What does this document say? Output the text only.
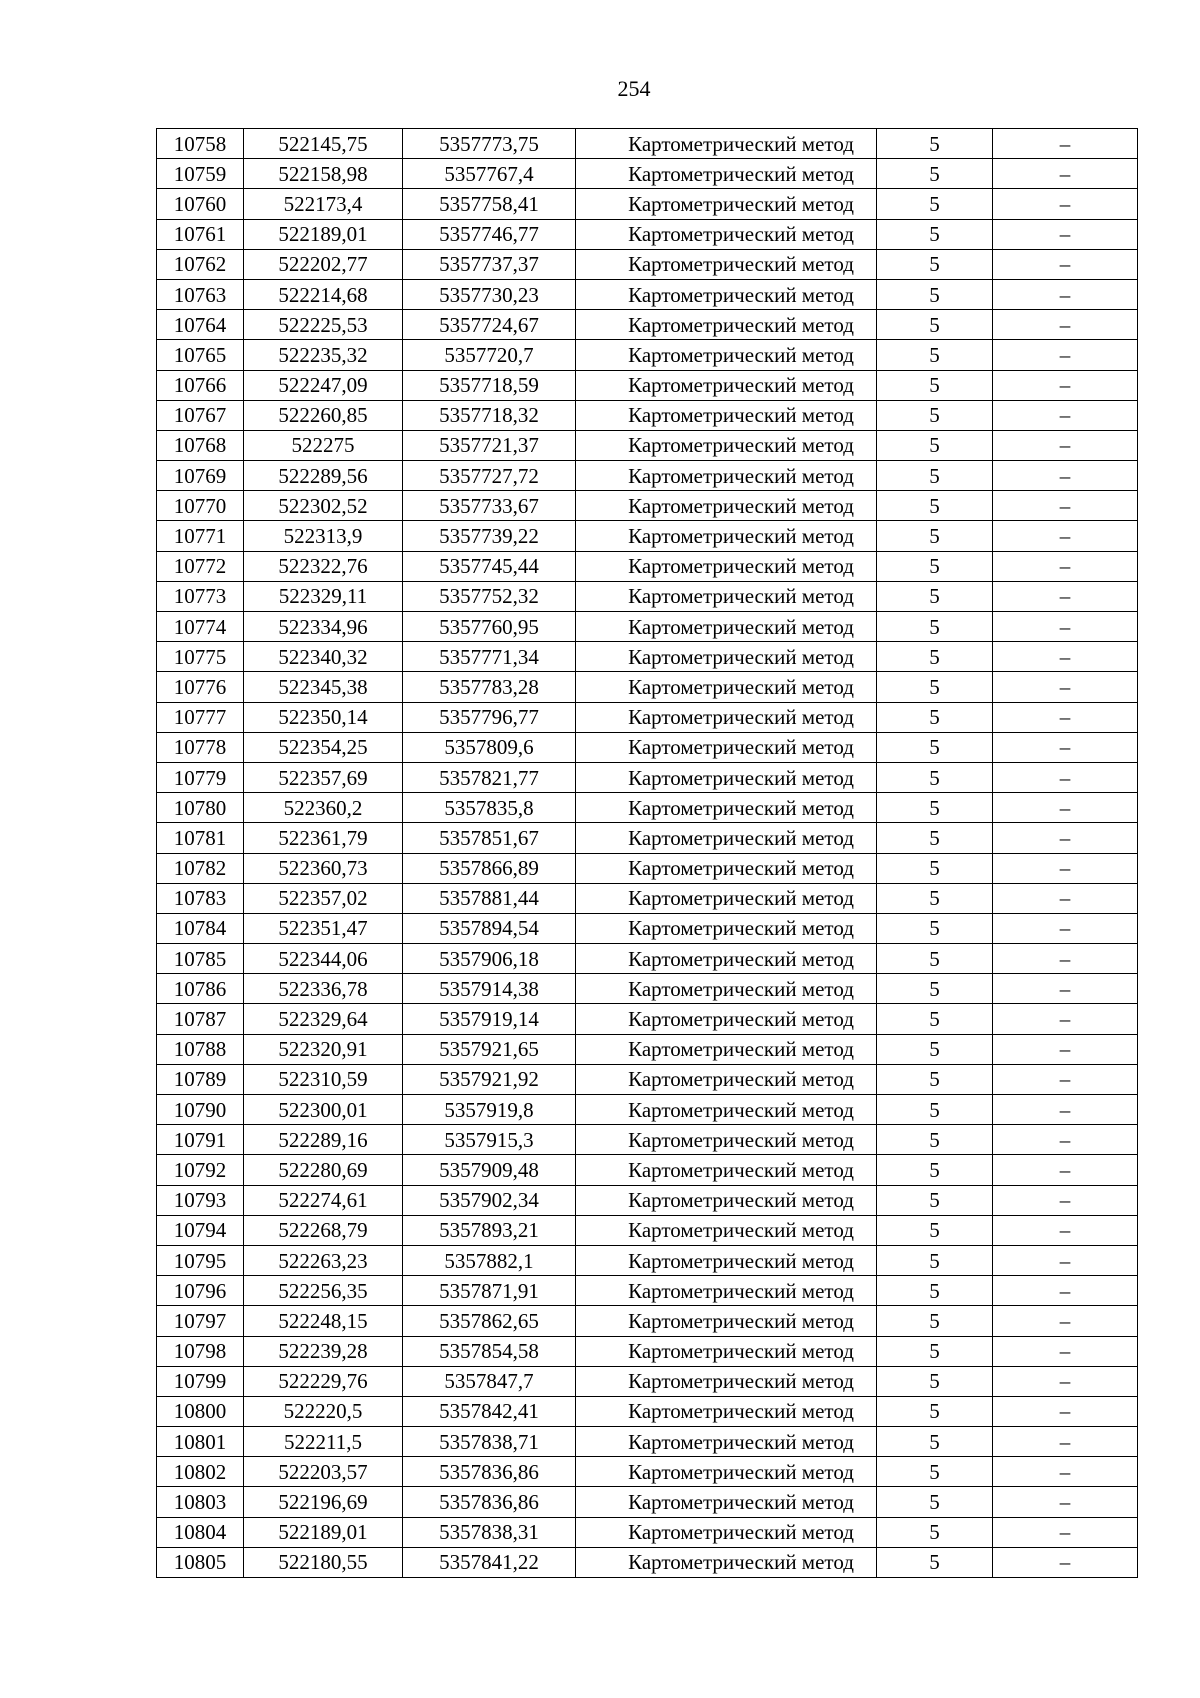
254
10758	522145,75	5357773,75	Картометрический метод	5	–
10759	522158,98	5357767,4	Картометрический метод	5	–
10760	522173,4	5357758,41	Картометрический метод	5	–
10761	522189,01	5357746,77	Картометрический метод	5	–
10762	522202,77	5357737,37	Картометрический метод	5	–
10763	522214,68	5357730,23	Картометрический метод	5	–
10764	522225,53	5357724,67	Картометрический метод	5	–
10765	522235,32	5357720,7	Картометрический метод	5	–
10766	522247,09	5357718,59	Картометрический метод	5	–
10767	522260,85	5357718,32	Картометрический метод	5	–
10768	522275	5357721,37	Картометрический метод	5	–
10769	522289,56	5357727,72	Картометрический метод	5	–
10770	522302,52	5357733,67	Картометрический метод	5	–
10771	522313,9	5357739,22	Картометрический метод	5	–
10772	522322,76	5357745,44	Картометрический метод	5	–
10773	522329,11	5357752,32	Картометрический метод	5	–
10774	522334,96	5357760,95	Картометрический метод	5	–
10775	522340,32	5357771,34	Картометрический метод	5	–
10776	522345,38	5357783,28	Картометрический метод	5	–
10777	522350,14	5357796,77	Картометрический метод	5	–
10778	522354,25	5357809,6	Картометрический метод	5	–
10779	522357,69	5357821,77	Картометрический метод	5	–
10780	522360,2	5357835,8	Картометрический метод	5	–
10781	522361,79	5357851,67	Картометрический метод	5	–
10782	522360,73	5357866,89	Картометрический метод	5	–
10783	522357,02	5357881,44	Картометрический метод	5	–
10784	522351,47	5357894,54	Картометрический метод	5	–
10785	522344,06	5357906,18	Картометрический метод	5	–
10786	522336,78	5357914,38	Картометрический метод	5	–
10787	522329,64	5357919,14	Картометрический метод	5	–
10788	522320,91	5357921,65	Картометрический метод	5	–
10789	522310,59	5357921,92	Картометрический метод	5	–
10790	522300,01	5357919,8	Картометрический метод	5	–
10791	522289,16	5357915,3	Картометрический метод	5	–
10792	522280,69	5357909,48	Картометрический метод	5	–
10793	522274,61	5357902,34	Картометрический метод	5	–
10794	522268,79	5357893,21	Картометрический метод	5	–
10795	522263,23	5357882,1	Картометрический метод	5	–
10796	522256,35	5357871,91	Картометрический метод	5	–
10797	522248,15	5357862,65	Картометрический метод	5	–
10798	522239,28	5357854,58	Картометрический метод	5	–
10799	522229,76	5357847,7	Картометрический метод	5	–
10800	522220,5	5357842,41	Картометрический метод	5	–
10801	522211,5	5357838,71	Картометрический метод	5	–
10802	522203,57	5357836,86	Картометрический метод	5	–
10803	522196,69	5357836,86	Картометрический метод	5	–
10804	522189,01	5357838,31	Картометрический метод	5	–
10805	522180,55	5357841,22	Картометрический метод	5	–
